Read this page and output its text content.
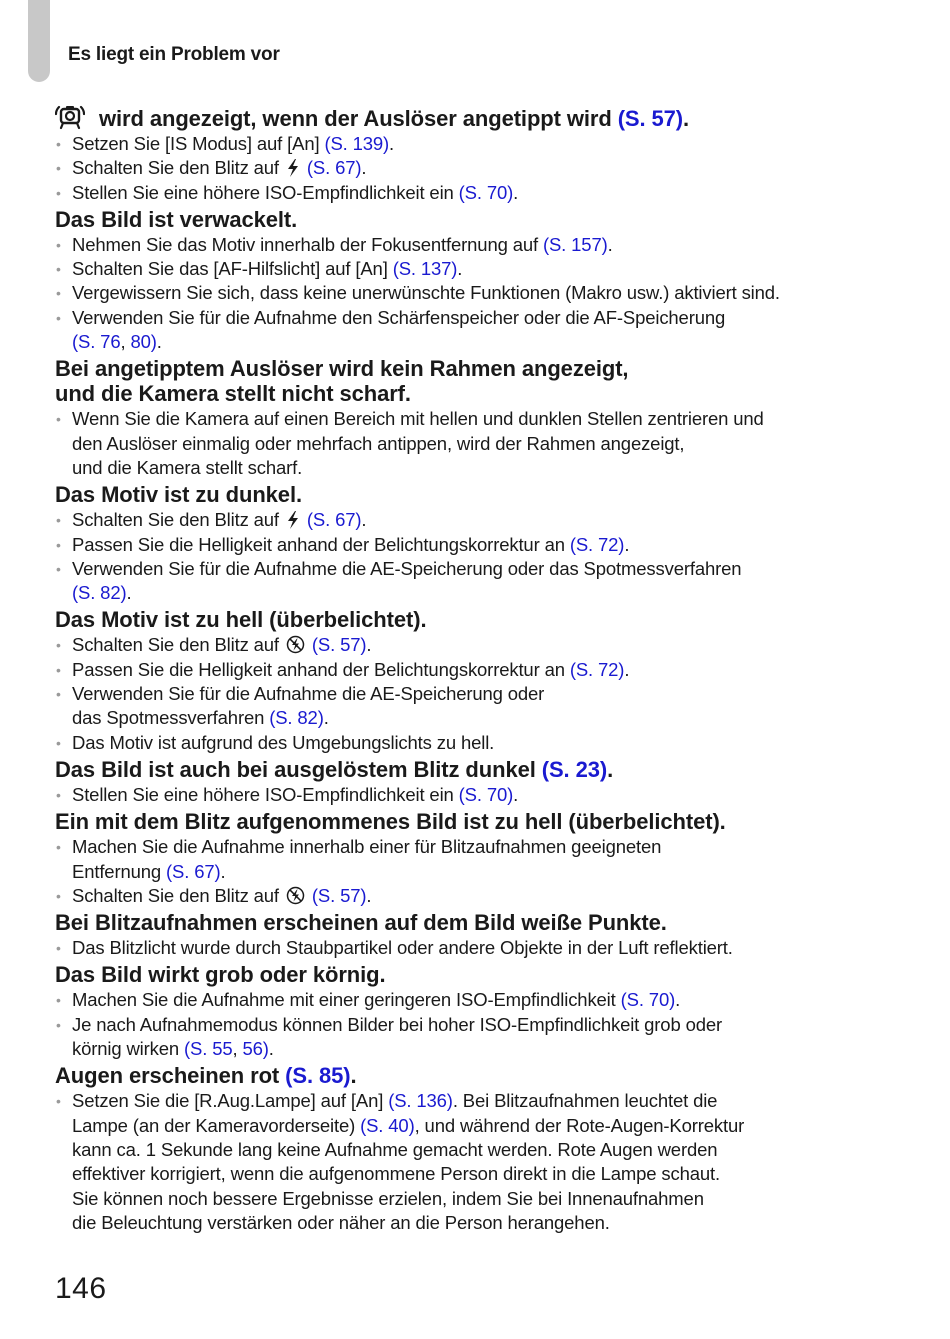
Es liegt ein Problem vor
wird angezeigt, wenn der Auslöser angetippt wird (S. 57).
• Setzen Sie [IS Modus] auf [An] (S. 139).
• Schalten Sie den Blitz auf  (S. 67).
• Stellen Sie eine höhere ISO-Empfindlichkeit ein (S. 70).
Das Bild ist verwackelt.
• Nehmen Sie das Motiv innerhalb der Fokusentfernung auf (S. 157).
• Schalten Sie das [AF-Hilfslicht] auf [An] (S. 137).
• Vergewissern Sie sich, dass keine unerwünschte Funktionen (Makro usw.) aktiviert sind.
• Verwenden Sie für die Aufnahme den Schärfenspeicher oder die AF-Speicherung
(S. 76, 80).
Bei angetipptem Auslöser wird kein Rahmen angezeigt,
und die Kamera stellt nicht scharf.
• Wenn Sie die Kamera auf einen Bereich mit hellen und dunklen Stellen zentrieren und
den Auslöser einmalig oder mehrfach antippen, wird der Rahmen angezeigt,
und die Kamera stellt scharf.
Das Motiv ist zu dunkel.
• Schalten Sie den Blitz auf  (S. 67).
• Passen Sie die Helligkeit anhand der Belichtungskorrektur an (S. 72).
• Verwenden Sie für die Aufnahme die AE-Speicherung oder das Spotmessverfahren
(S. 82).
Das Motiv ist zu hell (überbelichtet).
• Schalten Sie den Blitz auf  (S. 57).
• Passen Sie die Helligkeit anhand der Belichtungskorrektur an (S. 72).
• Verwenden Sie für die Aufnahme die AE-Speicherung oder
das Spotmessverfahren (S. 82).
• Das Motiv ist aufgrund des Umgebungslichts zu hell.
Das Bild ist auch bei ausgelöstem Blitz dunkel (S. 23).
• Stellen Sie eine höhere ISO-Empfindlichkeit ein (S. 70).
Ein mit dem Blitz aufgenommenes Bild ist zu hell (überbelichtet).
• Machen Sie die Aufnahme innerhalb einer für Blitzaufnahmen geeigneten
Entfernung (S. 67).
• Schalten Sie den Blitz auf  (S. 57).
Bei Blitzaufnahmen erscheinen auf dem Bild weiße Punkte.
• Das Blitzlicht wurde durch Staubpartikel oder andere Objekte in der Luft reflektiert.
Das Bild wirkt grob oder körnig.
• Machen Sie die Aufnahme mit einer geringeren ISO-Empfindlichkeit (S. 70).
• Je nach Aufnahmemodus können Bilder bei hoher ISO-Empfindlichkeit grob oder
körnig wirken (S. 55, 56).
Augen erscheinen rot (S. 85).
• Setzen Sie die [R.Aug.Lampe] auf [An] (S. 136). Bei Blitzaufnahmen leuchtet die
Lampe (an der Kameravorderseite) (S. 40), und während der Rote-Augen-Korrektur
kann ca. 1 Sekunde lang keine Aufnahme gemacht werden. Rote Augen werden
effektiver korrigiert, wenn die aufgenommene Person direkt in die Lampe schaut.
Sie können noch bessere Ergebnisse erzielen, indem Sie bei Innenaufnahmen
die Beleuchtung verstärken oder näher an die Person herangehen.
146
